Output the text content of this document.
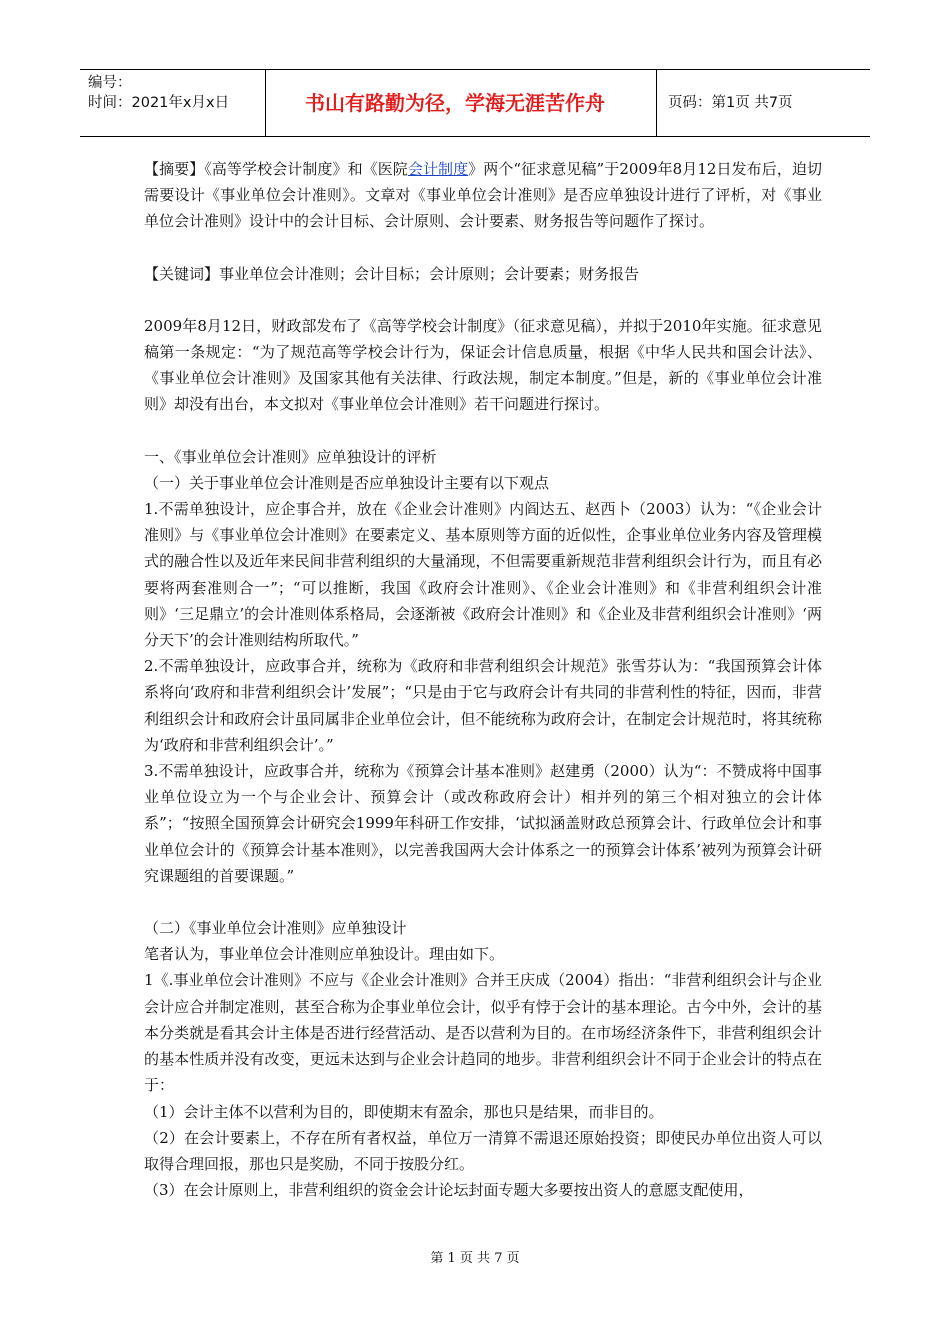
编号：
时间：2021年x月x日	书山有路勤为径，学海无涯苦作舟	页码：第1页 共7页

【摘要】《高等学校会计制度》和《医院会计制度》两个“征求意见稿”于2009年8月12日发布后，迫切需要设计《事业单位会计准则》。文章对《事业单位会计准则》是否应单独设计进行了评析，对《事业单位会计准则》设计中的会计目标、会计原则、会计要素、财务报告等问题作了探讨。

【关键词】事业单位会计准则；会计目标；会计原则；会计要素；财务报告

2009年8月12日，财政部发布了《高等学校会计制度》（征求意见稿），并拟于2010年实施。征求意见稿第一条规定：“为了规范高等学校会计行为，保证会计信息质量，根据《中华人民共和国会计法》、《事业单位会计准则》及国家其他有关法律、行政法规，制定本制度。”但是，新的《事业单位会计准则》却没有出台，本文拟对《事业单位会计准则》若干问题进行探讨。

一、《事业单位会计准则》应单独设计的评析

（一）关于事业单位会计准则是否应单独设计主要有以下观点

1.不需单独设计，应企事合并，放在《企业会计准则》内阎达五、赵西卜（2003）认为：“《企业会计准则》与《事业单位会计准则》在要素定义、基本原则等方面的近似性，企事业单位业务内容及管理模式的融合性以及近年来民间非营利组织的大量涌现，不但需要重新规范非营利组织会计行为，而且有必要将两套准则合一”；“可以推断，我国《政府会计准则》、《企业会计准则》和《非营利组织会计准则》‘三足鼎立’的会计准则体系格局，会逐渐被《政府会计准则》和《企业及非营利组织会计准则》‘两分天下’的会计准则结构所取代。”

2.不需单独设计，应政事合并，统称为《政府和非营利组织会计规范》张雪芬认为：“我国预算会计体系将向‘政府和非营利组织会计’发展”；“只是由于它与政府会计有共同的非营利性的特征，因而，非营利组织会计和政府会计虽同属非企业单位会计，但不能统称为政府会计，在制定会计规范时，将其统称为‘政府和非营利组织会计’。”

3.不需单独设计，应政事合并，统称为《预算会计基本准则》赵建勇（2000）认为“：不赞成将中国事业单位设立为一个与企业会计、预算会计（或改称政府会计）相并列的第三个相对独立的会计体系”；“按照全国预算会计研究会1999年科研工作安排，‘试拟涵盖财政总预算会计、行政单位会计和事业单位会计的《预算会计基本准则》，以完善我国两大会计体系之一的预算会计体系’被列为预算会计研究课题组的首要课题。”

（二）《事业单位会计准则》应单独设计

笔者认为，事业单位会计准则应单独设计。理由如下。

1《.事业单位会计准则》不应与《企业会计准则》合并王庆成（2004）指出：“非营利组织会计与企业会计应合并制定准则，甚至合称为企事业单位会计，似乎有悖于会计的基本理论。古今中外，会计的基本分类就是看其会计主体是否进行经营活动、是否以营利为目的。在市场经济条件下，非营利组织会计的基本性质并没有改变，更远未达到与企业会计趋同的地步。非营利组织会计不同于企业会计的特点在于：

（1）会计主体不以营利为目的，即使期末有盈余，那也只是结果，而非目的。

（2）在会计要素上，不存在所有者权益，单位万一清算不需退还原始投资；即使民办单位出资人可以取得合理回报，那也只是奖励，不同于按股分红。

（3）在会计原则上，非营利组织的资金会计论坛封面专题大多要按出资人的意愿支配使用，

第 1 页 共 7 页
